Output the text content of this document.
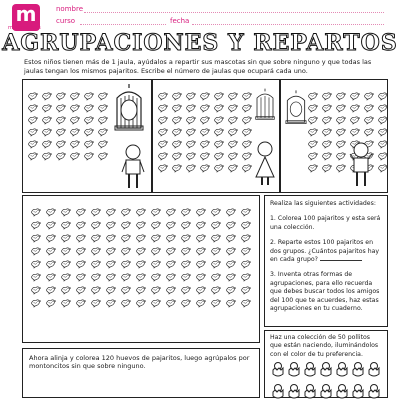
m
matemáticas
nombre
curso	fecha
AGRUPACIONES Y REPARTOS
Estos niños tienen más de 1 jaula, ayúdalos a repartir sus mascotas sin que sobre ninguno y que todas las jaulas tengan los mismos pajaritos. Escribe el número de jaulas que ocupará cada uno.

Realiza las siguientes actividades:

1. Colorea 100 pajaritos y esta será una colección.

2. Reparte estos 100 pajaritos en dos grupos. ¿Cuántos pajaritos hay en cada grupo?

3. Inventa otras formas de agrupaciones, para ello recuerda que debes buscar todos los amigos del 100 que te acuerdes, haz estas agrupaciones en tu cuaderno.

Haz una colección de 50 pollitos que están naciendo, iluminándolos con el color de tu preferencia.
Ahora alinja y colorea 120 huevos de pajaritos, luego agrúpalos por montoncitos sin que sobre ninguno.
